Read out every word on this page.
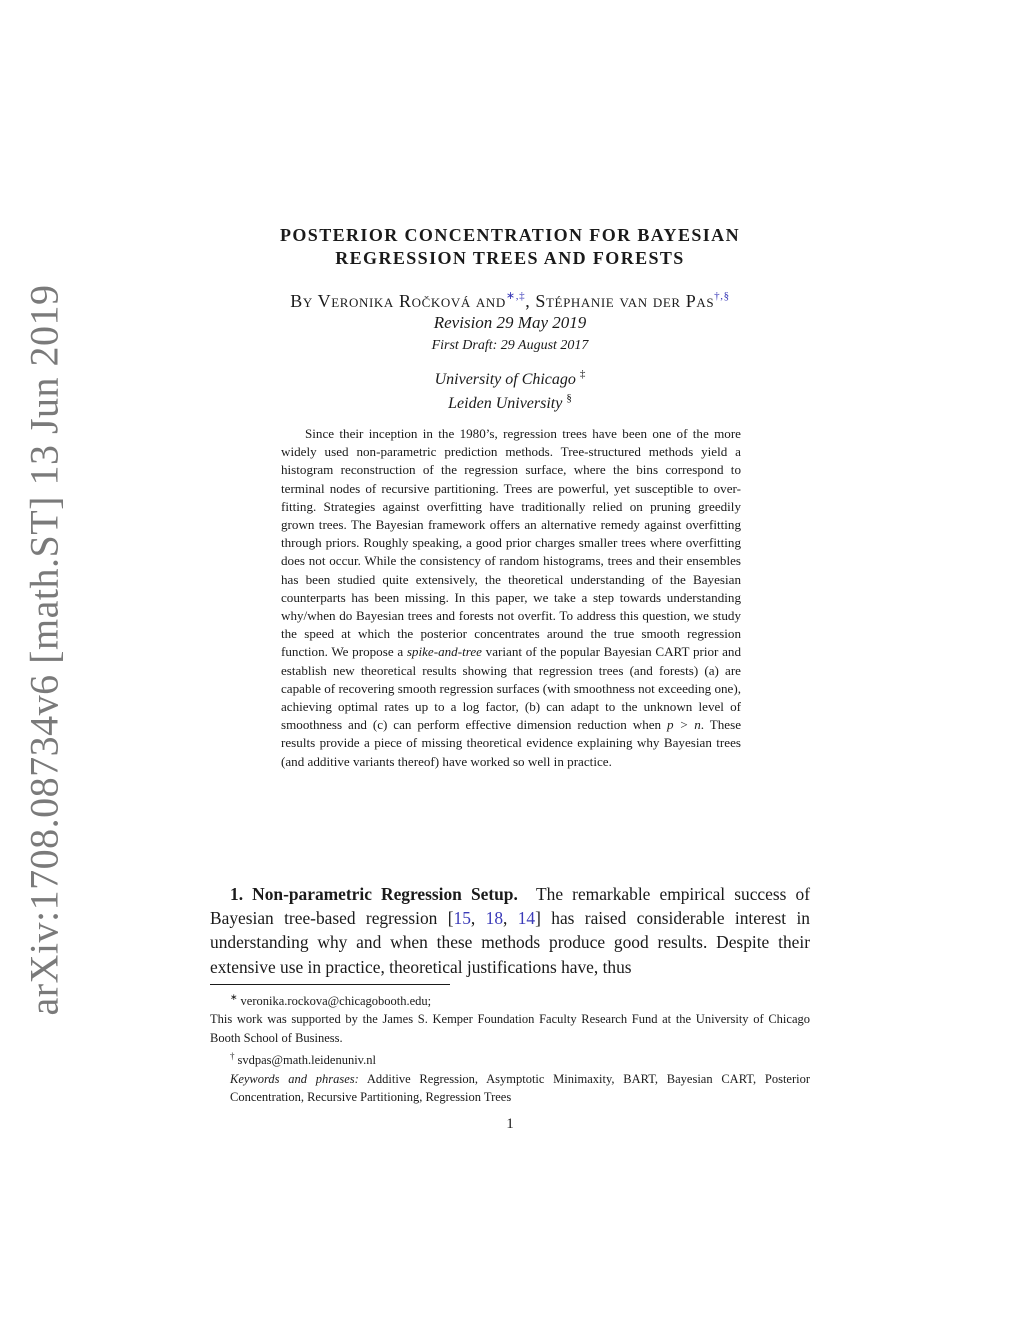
arXiv:1708.08734v6 [math.ST] 13 Jun 2019
POSTERIOR CONCENTRATION FOR BAYESIAN
REGRESSION TREES AND FORESTS
By Veronika Ročková and∗,‡, Stéphanie van der Pas†,§
Revision 29 May 2019
First Draft: 29 August 2017
University of Chicago ‡
Leiden University §
Since their inception in the 1980’s, regression trees have been one of the more widely used non-parametric prediction methods. Tree-structured methods yield a histogram reconstruction of the regression surface, where the bins correspond to terminal nodes of recursive partitioning. Trees are powerful, yet susceptible to over-fitting. Strategies against overfitting have traditionally relied on pruning greedily grown trees. The Bayesian framework offers an alternative remedy against overfitting through priors. Roughly speaking, a good prior charges smaller trees where overfitting does not occur. While the consistency of random histograms, trees and their ensembles has been studied quite extensively, the theoretical understanding of the Bayesian counterparts has been missing. In this paper, we take a step towards understanding why/when do Bayesian trees and forests not overfit. To address this question, we study the speed at which the posterior concentrates around the true smooth regression function. We propose a spike-and-tree variant of the popular Bayesian CART prior and establish new theoretical results showing that regression trees (and forests) (a) are capable of recovering smooth regression surfaces (with smoothness not exceeding one), achieving optimal rates up to a log factor, (b) can adapt to the unknown level of smoothness and (c) can perform effective dimension reduction when p > n. These results provide a piece of missing theoretical evidence explaining why Bayesian trees (and additive variants thereof) have worked so well in practice.
1. Non-parametric Regression Setup. The remarkable empirical success of Bayesian tree-based regression [15, 18, 14] has raised considerable interest in understanding why and when these methods produce good results. Despite their extensive use in practice, theoretical justifications have, thus
∗ veronika.rockova@chicagobooth.edu;
This work was supported by the James S. Kemper Foundation Faculty Research Fund at the University of Chicago Booth School of Business.
† svdpas@math.leidenuniv.nl
Keywords and phrases: Additive Regression, Asymptotic Minimaxity, BART, Bayesian CART, Posterior Concentration, Recursive Partitioning, Regression Trees
1
